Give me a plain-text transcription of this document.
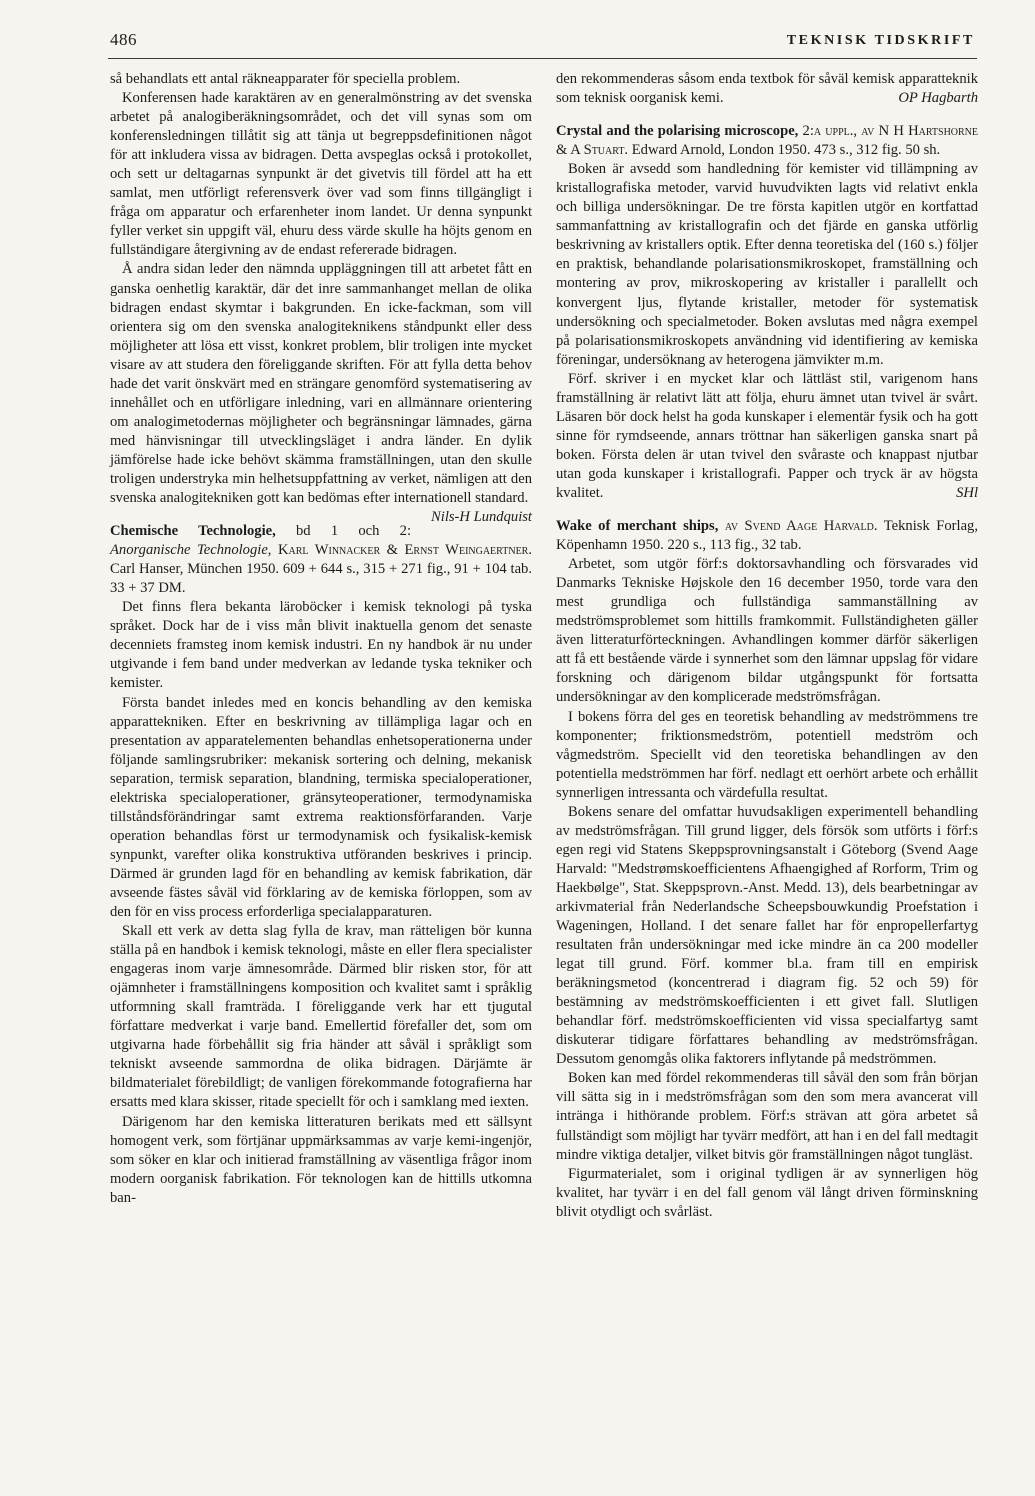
486	TEKNISK TIDSKRIFT

så behandlats ett antal räkneapparater för speciella problem.

Konferensen hade karaktären av en generalmönstring av det svenska arbetet på analogiberäkningsområdet, och det vill synas som om konferensledningen tillåtit sig att tänja ut begreppsdefinitionen något för att inkludera vissa av bidragen. Detta avspeglas också i protokollet, och sett ur deltagarnas synpunkt är det givetvis till fördel att ha ett samlat, men utförligt referensverk över vad som finns tillgängligt i fråga om apparatur och erfarenheter inom landet. Ur denna synpunkt fyller verket sin uppgift väl, ehuru dess värde skulle ha höjts genom en fullständigare återgivning av de endast refererade bidragen.

Å andra sidan leder den nämnda uppläggningen till att arbetet fått en ganska oenhetlig karaktär, där det inre sammanhanget mellan de olika bidragen endast skymtar i bakgrunden. En icke-fackman, som vill orientera sig om den svenska analogiteknikens ståndpunkt eller dess möjligheter att lösa ett visst, konkret problem, blir troligen inte mycket visare av att studera den föreliggande skriften. För att fylla detta behov hade det varit önskvärt med en strängare genomförd systematisering av innehållet och en utförligare inledning, vari en allmännare orientering om analogimetodernas möjligheter och begränsningar lämnades, gärna med hänvisningar till utvecklingsläget i andra länder. En dylik jämförelse hade icke behövt skämma framställningen, utan den skulle troligen understryka min helhetsuppfattning av verket, nämligen att den svenska analogitekniken gott kan bedömas efter internationell standard.
Nils-H Lundquist

Chemische Technologie, bd 1 och 2: Anorganische Technologie, Karl Winnacker & Ernst Weingaertner. Carl Hanser, München 1950. 609 + 644 s., 315 + 271 fig., 91 + 104 tab. 33 + 37 DM.

Det finns flera bekanta läroböcker i kemisk teknologi på tyska språket. Dock har de i viss mån blivit inaktuella genom det senaste decenniets framsteg inom kemisk industri. En ny handbok är nu under utgivande i fem band under medverkan av ledande tyska tekniker och kemister.

Första bandet inledes med en koncis behandling av den kemiska apparattekniken. Efter en beskrivning av tillämpliga lagar och en presentation av apparatelementen behandlas enhetsoperationerna under följande samlingsrubriker: mekanisk sortering och delning, mekanisk separation, termisk separation, blandning, termiska specialoperationer, elektriska specialoperationer, gränsyteoperationer, termodynamiska tillståndsförändringar samt extrema reaktionsförfaranden. Varje operation behandlas först ur termodynamisk och fysikalisk-kemisk synpunkt, varefter olika konstruktiva utföranden beskrives i princip. Därmed är grunden lagd för en behandling av kemisk fabrikation, där avseende fästes såväl vid förklaring av de kemiska förloppen, som av den för en viss process erforderliga specialapparaturen.

Skall ett verk av detta slag fylla de krav, man rätteligen bör kunna ställa på en handbok i kemisk teknologi, måste en eller flera specialister engageras inom varje ämnesområde. Därmed blir risken stor, för att ojämnheter i framställningens komposition och kvalitet samt i språklig utformning skall framträda. I föreliggande verk har ett tjugutal författare medverkat i varje band. Emellertid förefaller det, som om utgivarna hade förbehållit sig fria händer att såväl i språkligt som tekniskt avseende sammordna de olika bidragen. Därjämte är bildmaterialet förebildligt; de vanligen förekommande fotografierna har ersatts med klara skisser, ritade speciellt för och i samklang med iexten.

Därigenom har den kemiska litteraturen berikats med ett sällsynt homogent verk, som förtjänar uppmärksammas av varje kemi-ingenjör, som söker en klar och initierad framställning av väsentliga frågor inom modern oorganisk fabrikation. För teknologen kan de hittills utkomna ban-

den rekommenderas såsom enda textbok för såväl kemisk apparatteknik som teknisk oorganisk kemi.	OP Hagbarth

Crystal and the polarising microscope, 2:a uppl., av N H Hartshorne & A Stuart. Edward Arnold, London 1950. 473 s., 312 fig. 50 sh.

Boken är avsedd som handledning för kemister vid tillämpning av kristallografiska metoder, varvid huvudvikten lagts vid relativt enkla och billiga undersökningar. De tre första kapitlen utgör en kortfattad sammanfattning av kristallografin och det fjärde en ganska utförlig beskrivning av kristallers optik. Efter denna teoretiska del (160 s.) följer en praktisk, behandlande polarisationsmikroskopet, framställning och montering av prov, mikroskopering av kristaller i parallellt och konvergent ljus, flytande kristaller, metoder för systematisk undersökning och specialmetoder. Boken avslutas med några exempel på polarisationsmikroskopets användning vid identifiering av kemiska föreningar, undersöknang av heterogena jämvikter m.m.

Förf. skriver i en mycket klar och lättläst stil, varigenom hans framställning är relativt lätt att följa, ehuru ämnet utan tvivel är svårt. Läsaren bör dock helst ha goda kunskaper i elementär fysik och ha gott sinne för rymdseende, annars tröttnar han säkerligen ganska snart på boken. Första delen är utan tvivel den svåraste och knappast njutbar utan goda kunskaper i kristallografi. Papper och tryck är av högsta kvalitet.	SHl

Wake of merchant ships, av Svend Aage Harvald. Teknisk Forlag, Köpenhamn 1950. 220 s., 113 fig., 32 tab.

Arbetet, som utgör förf:s doktorsavhandling och försvarades vid Danmarks Tekniske Højskole den 16 december 1950, torde vara den mest grundliga och fullständiga sammanställning av medströmsproblemet som hittills framkommit. Fullständigheten gäller även litteraturförteckningen. Avhandlingen kommer därför säkerligen att få ett bestående värde i synnerhet som den lämnar uppslag för vidare forskning och därigenom bildar utgångspunkt för fortsatta undersökningar av den komplicerade medströmsfrågan.

I bokens förra del ges en teoretisk behandling av medströmmens tre komponenter; friktionsmedström, potentiell medström och vågmedström. Speciellt vid den teoretiska behandlingen av den potentiella medströmmen har förf. nedlagt ett oerhört arbete och erhållit synnerligen intressanta och värdefulla resultat.

Bokens senare del omfattar huvudsakligen experimentell behandling av medströmsfrågan. Till grund ligger, dels försök som utförts i förf:s egen regi vid Statens Skeppsprovningsanstalt i Göteborg (Svend Aage Harvald: "Medstrømskoefficientens Afhaengighed af Rorform, Trim og Haekbølge", Stat. Skeppsprovn.-Anst. Medd. 13), dels bearbetningar av arkivmaterial från Nederlandsche Scheepsbouwkundig Proefstation i Wageningen, Holland. I det senare fallet har för enpropellerfartyg resultaten från undersökningar med icke mindre än ca 200 modeller legat till grund. Förf. kommer bl.a. fram till en empirisk beräkningsmetod (koncentrerad i diagram fig. 52 och 59) för bestämning av medströmskoefficienten i ett givet fall. Slutligen behandlar förf. medströmskoefficienten vid vissa specialfartyg samt diskuterar tidigare författares behandling av medströmsfrågan. Dessutom genomgås olika faktorers inflytande på medströmmen.

Boken kan med fördel rekommenderas till såväl den som från början vill sätta sig in i medströmsfrågan som den som mera avancerat vill intränga i hithörande problem. Förf:s strävan att göra arbetet så fullständigt som möjligt har tyvärr medfört, att han i en del fall medtagit mindre viktiga detaljer, vilket bitvis gör framställningen något tungläst.

Figurmaterialet, som i original tydligen är av synnerligen hög kvalitet, har tyvärr i en del fall genom väl långt driven förminskning blivit otydligt och svårläst.
